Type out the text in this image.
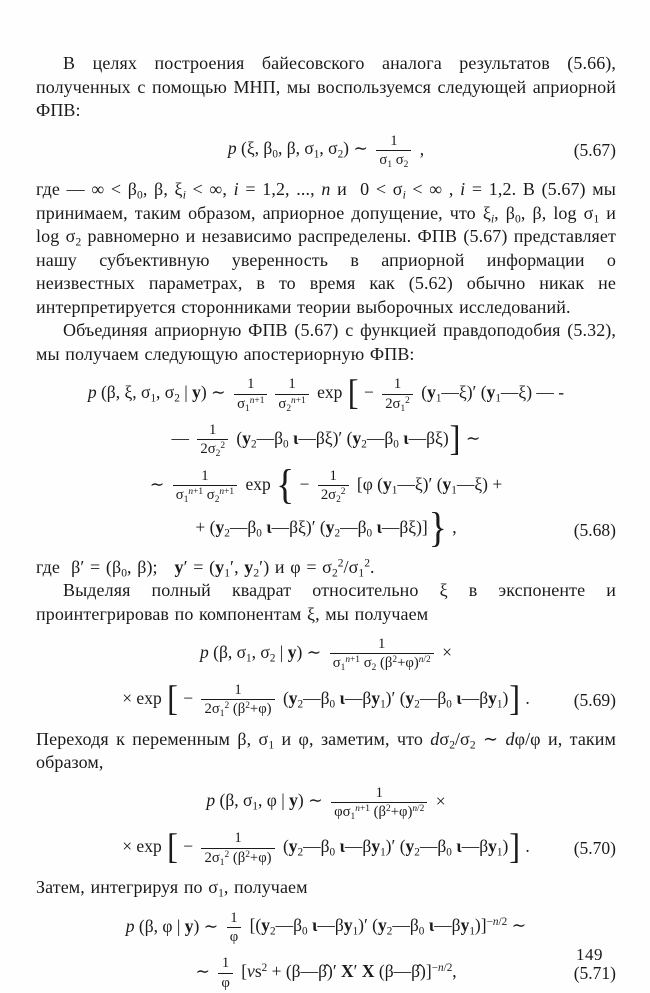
В целях построения байесовского аналога результатов (5.66), полученных с помощью МНП, мы воспользуемся следующей априорной ФПВ:

p (ξ, $\beta_0$, β, $\sigma_1$, $\sigma_2$) ∼ $\frac{1}{\sigma_1 \sigma_2}$ ,	(5.67)

где — ∞ < $\beta_0$, β, $\xi_i$ < ∞, i = 1,2, ..., n и  $0 < \sigma_i$ < ∞ , i = 1,2. В (5.67) мы принимаем, таким образом, априорное допущение, что $\xi_i$, $\beta_0$, β, $\log \sigma_1$ и $\log \sigma_2$ равномерно и независимо распределены. ФПВ (5.67) представляет нашу субъективную уверенность в априорной информации о неизвестных параметрах, в то время как (5.62) обычно никак не интерпретируется сторонниками теории выборочных исследований.

Объединяя априорную ФПВ (5.67) с функцией правдоподобия (5.32), мы получаем следующую апостериорную ФПВ:

p (β, ξ, $\sigma_1$, $\sigma_2$ | y) ∼ $\frac{1}{\sigma_1^{n+1}} \frac{1}{\sigma_2^{n+1}}$ exp [ − $\frac{1}{2\sigma_1^2}$ $(y_1—\xi)'$ $(y_1—\xi)$ — -
— $\frac{1}{2\sigma_2^2}$ ($y_2—\beta_0$ ι—βξ)′ ($y_2—\beta_0$ ι—βξ)] ∼
∼ $\frac{1}{\sigma_1^{n+1} \sigma_2^{n+1}}$ exp { − $\frac{1}{2\sigma_2^2} [\varphi$ $(y_1—\xi)'$ $(y_1—\xi)$ +
+ ($y_2—\beta_0$ ι—βξ)′ ($y_2—\beta_0$ ι—βξ)]} ,	(5.68)

где  $\beta' = (\beta_0$, β);   $y' = (y_1'$, $y_2'$) и $\varphi = \sigma_2^2/\sigma_1^2$.

Выделяя полный квадрат относительно ξ в экспоненте и проинтегрировав по компонентам ξ, мы получаем

p (β, $\sigma_1$, $\sigma_2$ | y) ∼ $\frac{1}{\sigma_1^{n+1} \sigma_2 (\beta^2+\varphi)^{n/2}}$ ×
× exp [ − $\frac{1}{2\sigma_1^2 (\beta^2+\varphi)}$ ($y_2—\beta_0$ $\iota—\beta y_1)'$ ($y_2—\beta_0$ $\iota—\beta y_1$)] .	(5.69)

Переходя к переменным β, $\sigma_1$ и φ, заметим, что $d\sigma_2/\sigma_2$ ∼ dφ/φ и, таким образом,

p (β, $\sigma_1$, φ | y) ∼ $\frac{1}{\varphi\sigma_1^{n+1} (\beta^2+\varphi)^{n/2}}$ ×
× exp [ − $\frac{1}{2\sigma_1^2 (\beta^2+\varphi)}$ ($y_2—\beta_0$ $\iota—\beta y_1)'$ ($y_2—\beta_0$ $\iota—\beta y_1$)] .	(5.70)

Затем, интегрируя по $\sigma_1$, получаем

p (β, φ | y) ∼ $\frac{1}{\varphi}$ [($y_2—\beta_0$ $\iota—\beta y_1)'$ ($y_2—\beta_0$ $\iota—\beta y_1)]^{-n/2}$ ∼
∼ $\frac{1}{\varphi} [\nu s^2$ + (β—β̂)′ X′ X (β—β̂)]$^{-n/2}$,	(5.71)
149
